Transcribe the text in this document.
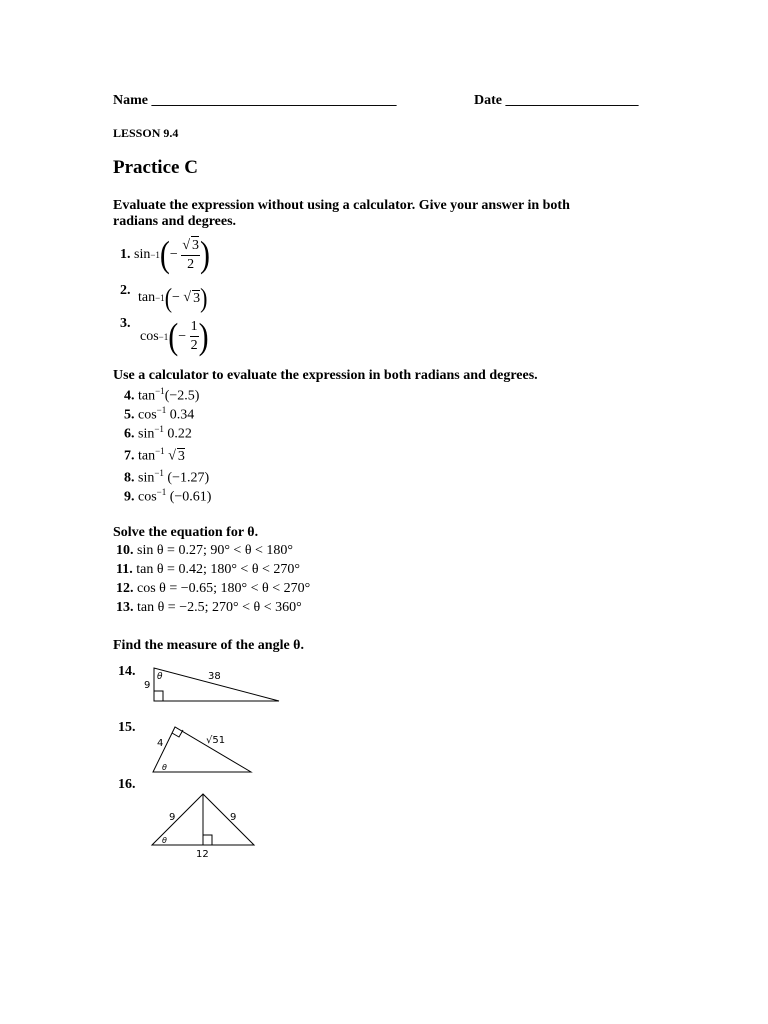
Name ___________________________________	Date ___________________
LESSON 9.4
Practice C
Evaluate the expression without using a calculator. Give your answer in both
radians and degrees.
1.
sin −1 ( −
$\frac{√ 3}{2}$ )
2. tan −1 ( − √ 3 )
3.
cos −1 ( −
$\frac{1}{2}$ )
Use a calculator to evaluate the expression in both radians and degrees.
4. $\tan^{-1}(-2.5)$
5. $\cos^{-1} 0.34$
6. $\sin^{-1} 0.22$
7. $\tan^{-1}$ √ 3
8. $\sin^{-1} (-1.27)$
9. $\cos^{-1} (-0.61)$
Solve the equation for θ.
10. sin θ = 0.27; 90° < θ < 180°
11. tan θ = 0.42; 180° < θ < 270°
12. cos θ = −0.65; 180° < θ < 270°
13. tan θ = −2.5; 270° < θ < 360°
Find the measure of the angle θ.
14.
9
38
θ
15.
4	√51
θ
16.
9	9
12
θ
